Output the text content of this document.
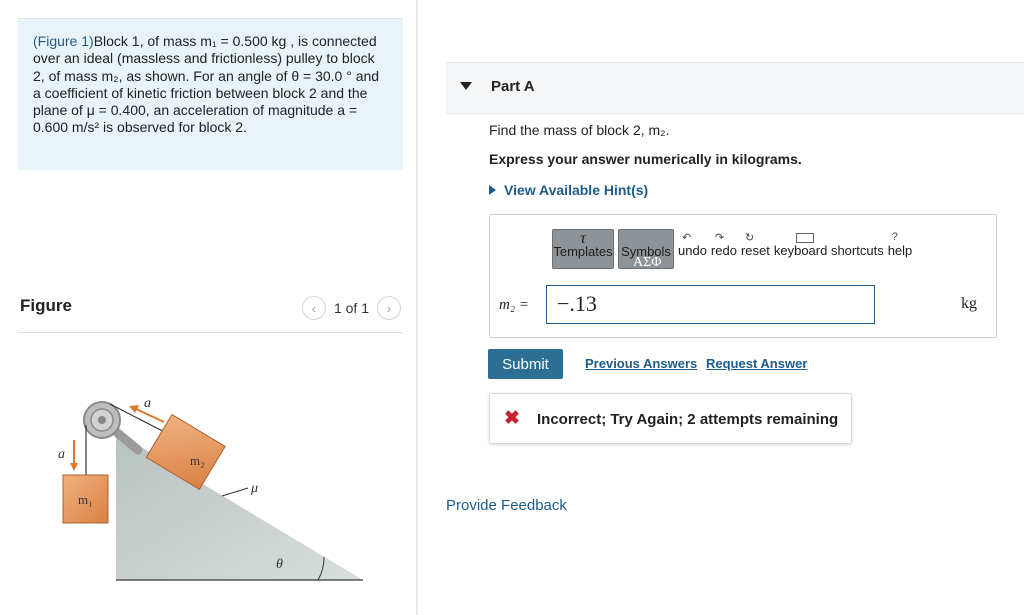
(Figure 1)Block 1, of mass m₁ = 0.500 kg , is connected over an ideal (massless and frictionless) pulley to block 2, of mass m₂, as shown. For an angle of θ = 30.0 ° and a coefficient of kinetic friction between block 2 and the plane of μ = 0.400, an acceleration of magnitude a = 0.600 m/s² is observed for block 2.
Figure	‹	1 of 1	›
m₁
m₂
a
a
μ
θ
Part A
Find the mass of block 2, m₂.
Express your answer numerically in kilograms.
View Available Hint(s)
τ
Templates Symbols
AΣΦ
↶
undo
↷
redo
↻
reset keyboard shortcuts
?
help
m₂ =	−.13	kg
Submit	Previous Answers Request Answer
✖ Incorrect; Try Again; 2 attempts remaining
Provide Feedback
